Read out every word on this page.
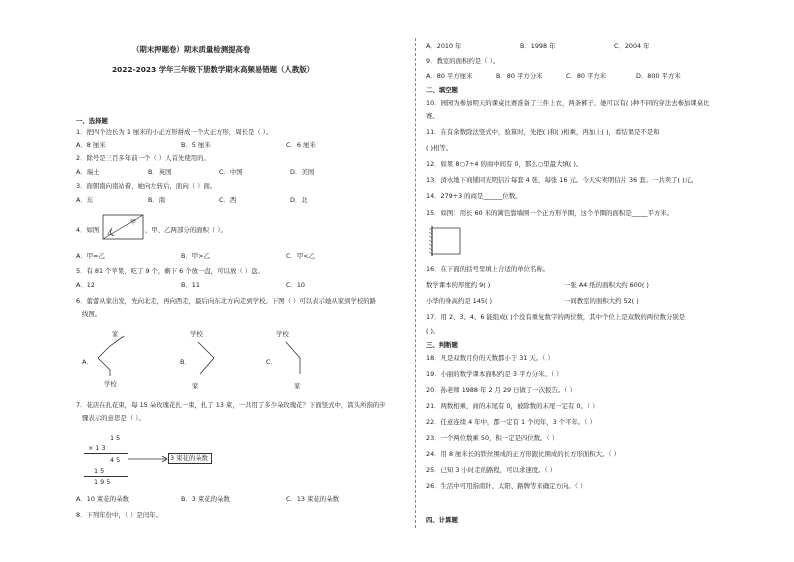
（期末押题卷）期末质量检测提高卷
2022-2023 学年三年级下册数学期末高频易错题（人教版）
一、选择题
1．把四个边长为 1 厘米的小正方形拼成一个大正方形，周长是（ ）。
A．8 厘米	B．5 厘米	C．6 厘米
2．除号是三百多年前一个（ ）人首先使用的。
A．瑞士	B．英国	C．中国	D．美国
3．面朝南向南站着，她向左转后，面向（ ）面。
A．东	B．南	C．西	D．北
4．如图
甲
乙	，甲、乙两部分的面积（ ）。
A．甲=乙	B．甲>乙	C．甲<乙
5．有 81 个苹果，吃了 9 个，剩下 6 个放一盘，可以放（ ）盘。
A．12	B．11	C．10
6．蕾蕾从家出发，先向北走，再向西走，最后向东北方向走到学校。下图（ ）可以表示她从家到学校的路
线图。
A．
家
学校
B．
学校
家
C．
学校
家
7．花店在扎花束，每 15 朵玫瑰花扎一束，扎了 13 束，一共用了多少朵玫瑰花？下面竖式中，箭头所指的步
骤表示的意思是（ ）。
1 5
× 1 3
4 5
1 5
1 9 5
3 束花的朵数
A．10 束花的朵数	B．3 束花的朵数	C．13 束花的朵数
8．下列年份中，（ ）是闰年。
A．2010 年	B．1998 年	C．2004 年
9．教室的面积约是（ ）。
A．80 平方厘米	B．80 平方分米	C．80 平方米	D．800 平方米
二、填空题
10．园园为参加明天的课桌比赛准备了三件上衣，两条裤子，她可以有( )种不同的穿法去参加课桌比
赛。
11．在有余数除法竖式中，验算时，先把( )和( )相乘，再加上( )，看结果是不是和
( )相等。
12．如果 8○7÷4 的商中间有 0，那么○里最大填( )。
13．済水地下商铺同光明信片每套 4 张，每张 16 元。今天实卖明信片 36 套。一共卖了( )元。
14．279÷3 的商是______位数。
15．如图：用长 60 米的篱笆靠墙围一个正方形羊圈，这个羊圈的面积是_____平方米。
16．在下面的括号里填上合适的单位名称。
数学课本的厚度约 9( )	一张 A4 纸的面积大约 600( )
小华的身高约是 145( )	一间教室的面积大约 52( )
17．用 2、3、4、6 能组成( )个没有重复数字的两位数，其中个位上是双数的两位数分别是
( )。
三、判断题
18．凡是双数月份的天数都小于 31 天。（ ）
19．小丽的数学课本面积约是 3 平方分米。（ ）
20．孙老师 1988 年 2 月 29 日做了一次报告。（ ）
21．两数相乘，商的末尾有 0，被除数的末尾一定有 0。（ ）
22．任意连续 4 年中，都一定有 1 个闰年，3 个平年。（ ）
23．一个两位数乘 50，积一定是四位数。（ ）
24．用 8 厘米长的铁丝围成的正方形跟比围成的长方形面积大。（ ）
25．已知 3 小时走的路程，可以求速度。（ ）
26．生活中可用指南针、太阳、路牌等来确定方向。（ ）
四、计算题
